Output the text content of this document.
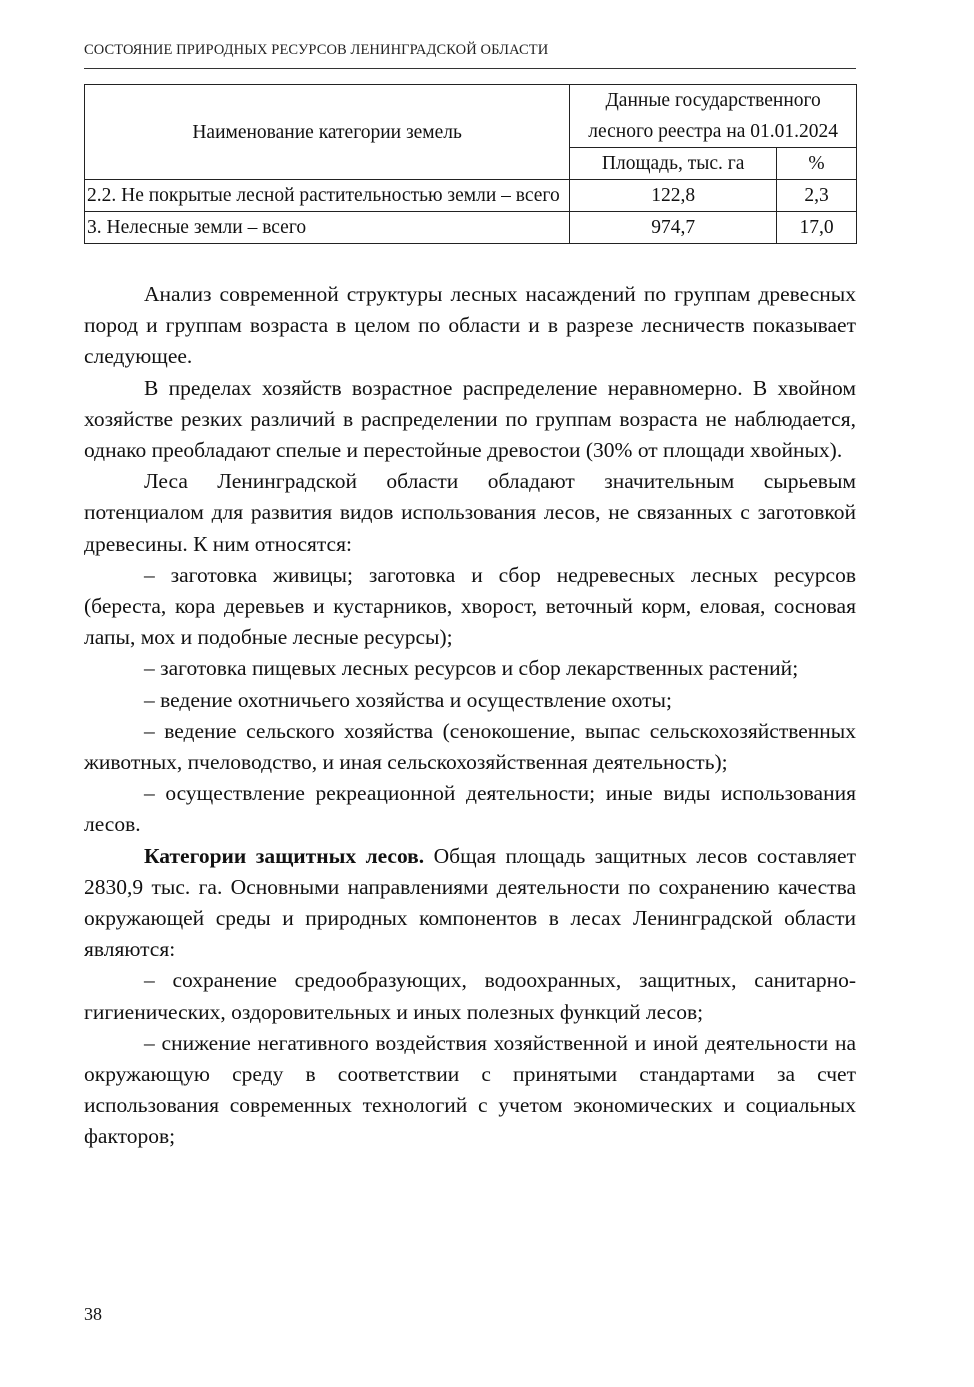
СОСТОЯНИЕ ПРИРОДНЫХ РЕСУРСОВ ЛЕНИНГРАДСКОЙ ОБЛАСТИ
Наименование категории земель	Данные государственного
лесного реестра на 01.01.2024	

	Площадь, тыс. га	%
2.2. Не покрытые лесной растительностью земли – всего	122,8	2,3
3. Нелесные земли – всего	974,7	17,0

Анализ современной структуры лесных насаждений по группам древесных пород и группам возраста в целом по области и в разрезе лесничеств показывает следующее.

В пределах хозяйств возрастное распределение неравномерно. В хвойном хозяйстве резких различий в распределении по группам возраста не наблюдается, однако преобладают спелые и перестойные древостои (30% от площади хвойных).

Леса Ленинградской области обладают значительным сырьевым потенциалом для развития видов использования лесов, не связанных с заготовкой древесины. К ним относятся:

– заготовка живицы; заготовка и сбор недревесных лесных ресурсов (береста, кора деревьев и кустарников, хворост, веточный корм, еловая, сосновая лапы, мох и подобные лесные ресурсы);

– заготовка пищевых лесных ресурсов и сбор лекарственных растений;

– ведение охотничьего хозяйства и осуществление охоты;

– ведение сельского хозяйства (сенокошение, выпас сельскохозяйственных животных, пчеловодство, и иная сельскохозяйственная деятельность);

– осуществление рекреационной деятельности; иные виды использования лесов.

Категории защитных лесов. Общая площадь защитных лесов составляет 2830,9 тыс. га. Основными направлениями деятельности по сохранению качества окружающей среды и природных компонентов в лесах Ленинградской области являются:

– сохранение средообразующих, водоохранных, защитных, санитарно-гигиенических, оздоровительных и иных полезных функций лесов;

– снижение негативного воздействия хозяйственной и иной деятельности на окружающую среду в соответствии с принятыми стандартами за счет использования современных технологий с учетом экономических и социальных факторов;

38
